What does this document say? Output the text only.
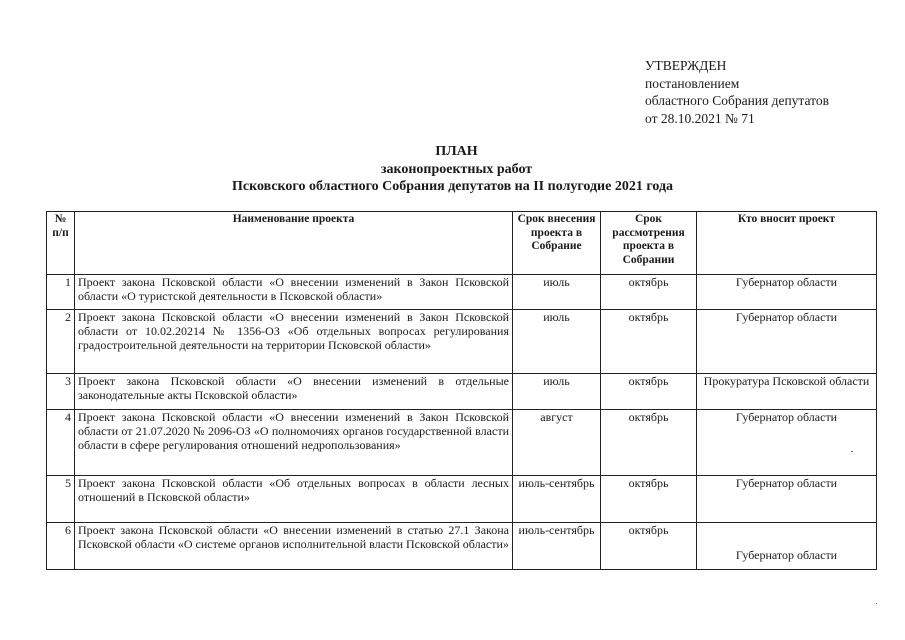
УТВЕРЖДЕН
постановлением
областного Собрания депутатов
от 28.10.2021 № 71
ПЛАН
законопроектных работ
Псковского областного Собрания депутатов на II полугодие 2021 года
№ п/п	Наименование проекта	Срок внесения проекта в Собрание	Срок рассмотрения проекта в Собрании	Кто вносит проект
1	Проект закона Псковской области «О внесении изменений в Закон Псковской области «О туристской деятельности в Псковской области»	июль	октябрь	Губернатор области
2	Проект закона Псковской области «О внесении изменений в Закон Псковской области от 10.02.20214 № 1356-ОЗ «Об отдельных вопросах регулирования градостроительной деятельности на территории Псковской области»	июль	октябрь	Губернатор области
3	Проект закона Псковской области «О внесении изменений в отдельные законодательные акты Псковской области»	июль	октябрь	Прокуратура Псковской области
4	Проект закона Псковской области «О внесении изменений в Закон Псковской области от 21.07.2020 № 2096-ОЗ «О полномочиях органов государственной власти области в сфере регулирования отношений недропользования»	август	октябрь	Губернатор области
5	Проект закона Псковской области «Об отдельных вопросах в области лесных отношений в Псковской области»	июль-сентябрь	октябрь	Губернатор области
6	Проект закона Псковской области «О внесении изменений в статью 27.1 Закона Псковской области «О системе органов исполнительной власти Псковской области»	июль-сентябрь	октябрь	Губернатор области
